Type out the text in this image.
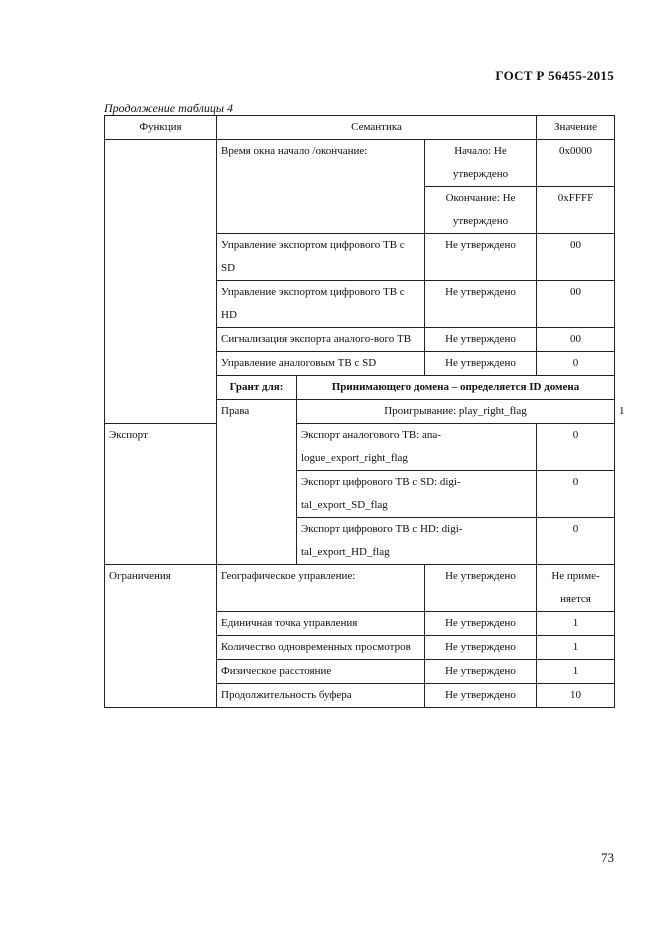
ГОСТ Р 56455-2015
Продолжение таблицы 4
Функция	Семантика			Значение	
	Время окна начало /окончание:		Начало: Не утверждено	0x0000	
			Окончание: Не утверждено	0xFFFF	
	Управление экспортом цифрового ТВ с SD		Не утверждено	00	
	Управление экспортом цифрового ТВ с HD		Не утверждено	00	
	Сигнализация экспорта аналого-вого ТВ		Не утверждено	00	
	Управление аналоговым ТВ с SD		Не утверждено	0	
	Грант для:	Принимающего домена – определяется ID домена			
	Права	Проигрывание: play_right_flag			1
Экспорт		Экспорт аналогового ТВ: ana-logue_export_right_flag		0	
		Экспорт цифрового ТВ с SD: digi-tal_export_SD_flag		0	
		Экспорт цифрового ТВ с HD: digi-tal_export_HD_flag		0	
Ограничения	Географическое управление:		Не утверждено	Не приме-няется	
	Единичная точка управления		Не утверждено	1	
	Количество одновременных просмотров		Не утверждено	1	
	Физическое расстояние		Не утверждено	1	
	Продолжительность буфера		Не утверждено	10	
73
